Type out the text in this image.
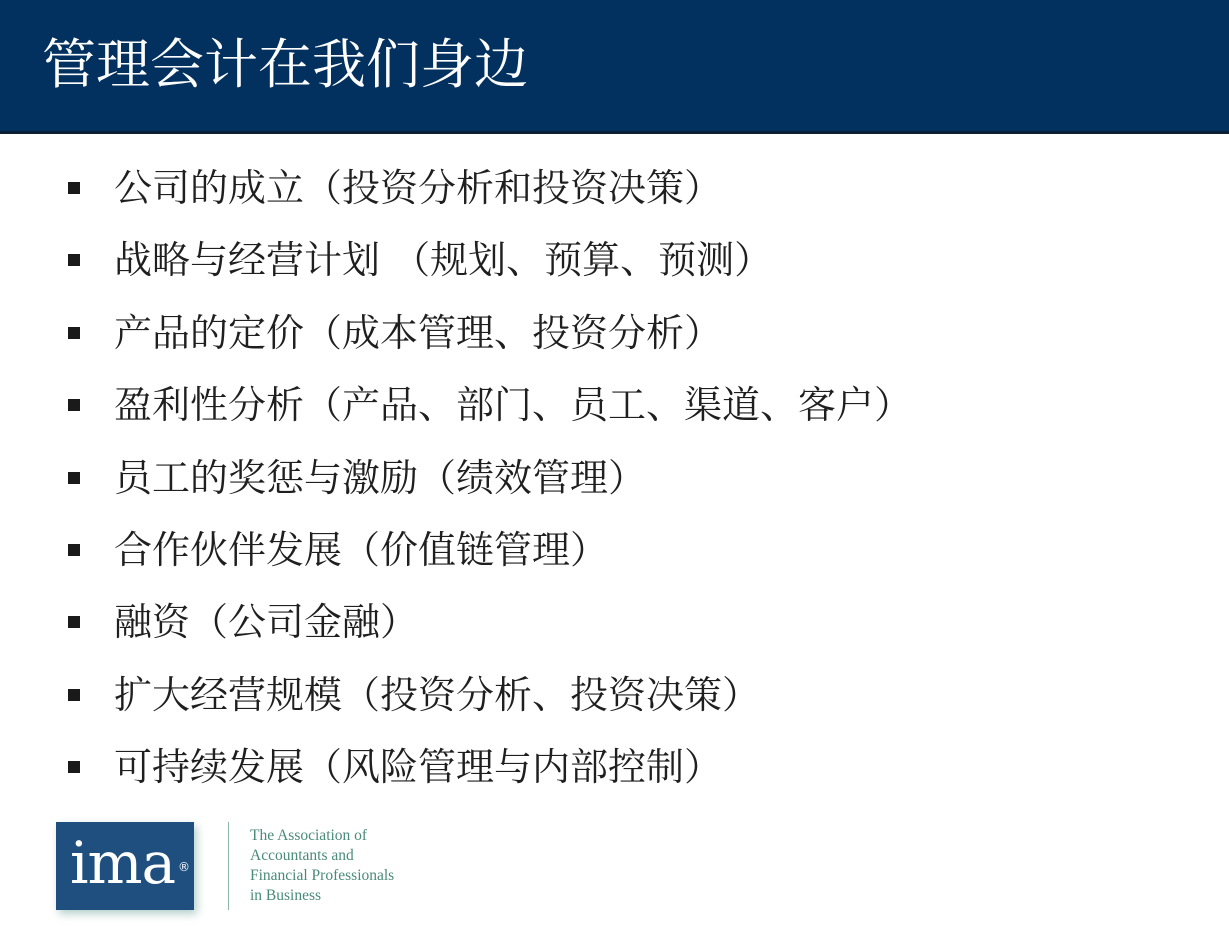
管理会计在我们身边
公司的成立（投资分析和投资决策）
战略与经营计划 （规划、预算、预测）
产品的定价（成本管理、投资分析）
盈利性分析（产品、部门、员工、渠道、客户）
员工的奖惩与激励（绩效管理）
合作伙伴发展（价值链管理）
融资（公司金融）
扩大经营规模（投资分析、投资决策）
可持续发展（风险管理与内部控制）
ima ®
The Association of
Accountants and
Financial Professionals
in Business
